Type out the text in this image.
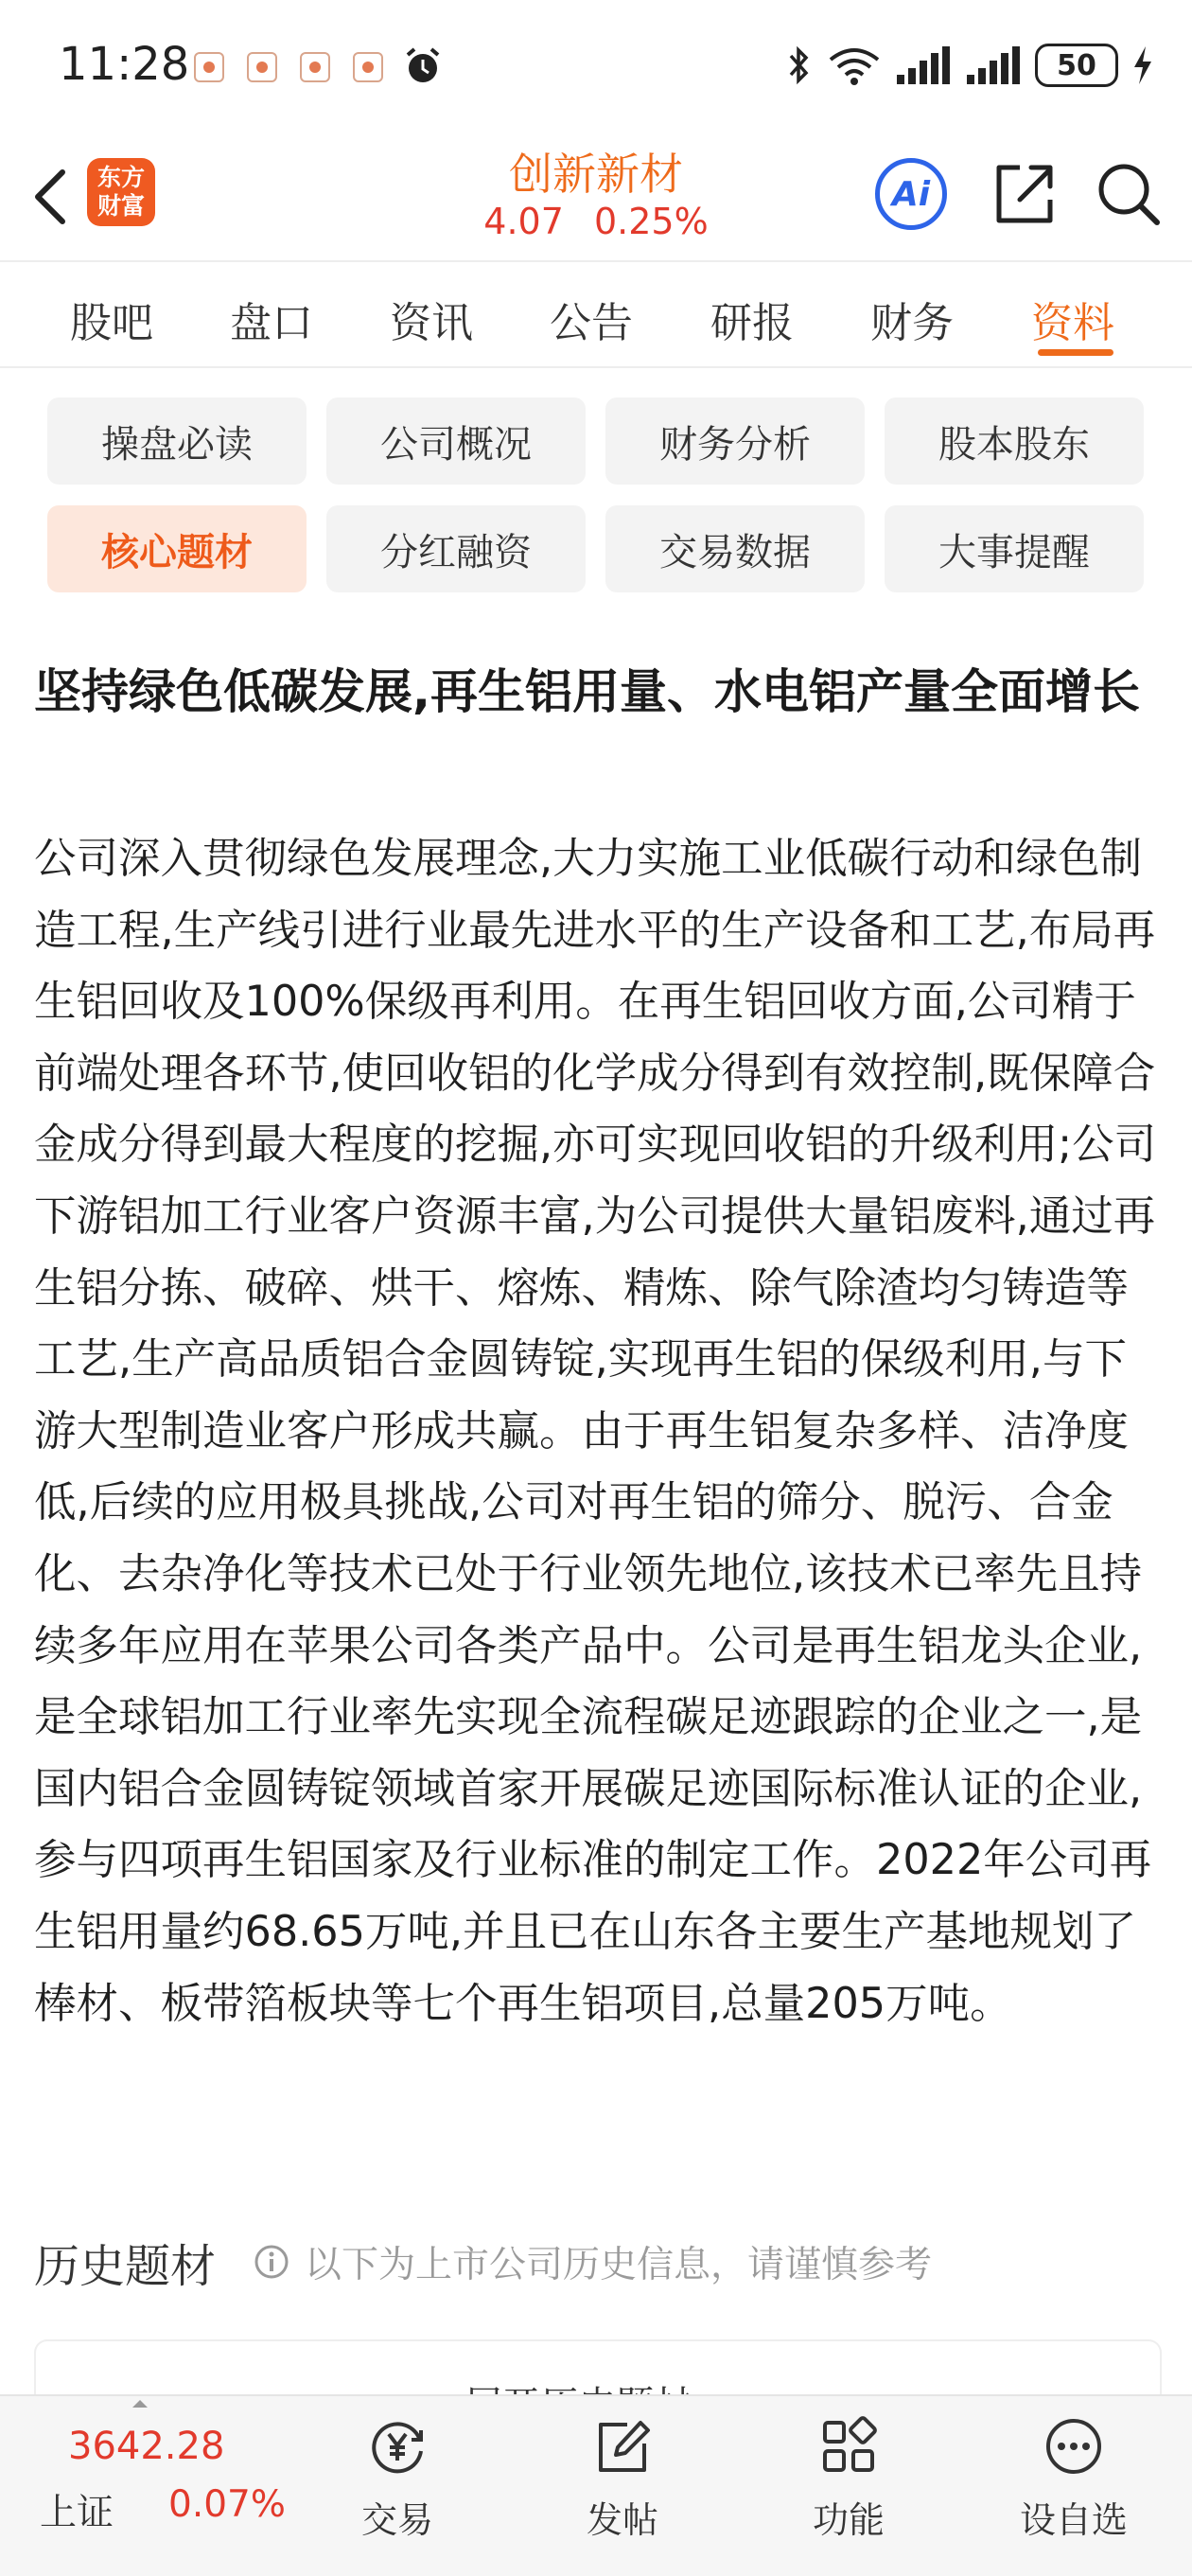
11:28	50
东方
财富
创新新材
4.07 0.25%
Ai
股吧 盘口 资讯 公告 研报 财务 资料
操盘必读	公司概况	财务分析	股本股东
核心题材	分红融资	交易数据	大事提醒
坚持绿色低碳发展,再生铝用量、水电铝产量全面增长
公司深入贯彻绿色发展理念,大力实施工业低碳行动和绿色制造工程,生产线引进行业最先进水平的生产设备和工艺,布局再生铝回收及100%保级再利用。在再生铝回收方面,公司精于前端处理各环节,使回收铝的化学成分得到有效控制,既保障合金成分得到最大程度的挖掘,亦可实现回收铝的升级利用;公司下游铝加工行业客户资源丰富,为公司提供大量铝废料,通过再生铝分拣、破碎、烘干、熔炼、精炼、除气除渣均匀铸造等工艺,生产高品质铝合金圆铸锭,实现再生铝的保级利用,与下游大型制造业客户形成共赢。由于再生铝复杂多样、洁净度低,后续的应用极具挑战,公司对再生铝的筛分、脱污、合金化、去杂净化等技术已处于行业领先地位,该技术已率先且持续多年应用在苹果公司各类产品中。公司是再生铝龙头企业,是全球铝加工行业率先实现全流程碳足迹跟踪的企业之一,是国内铝合金圆铸锭领域首家开展碳足迹国际标准认证的企业,参与四项再生铝国家及行业标准的制定工作。2022年公司再生铝用量约68.65万吨,并且已在山东各主要生产基地规划了棒材、板带箔板块等七个再生铝项目,总量205万吨。
历史题材 以下为上市公司历史信息，请谨慎参考
3642.28
上证 0.07%	交易	发帖	功能	设自选
